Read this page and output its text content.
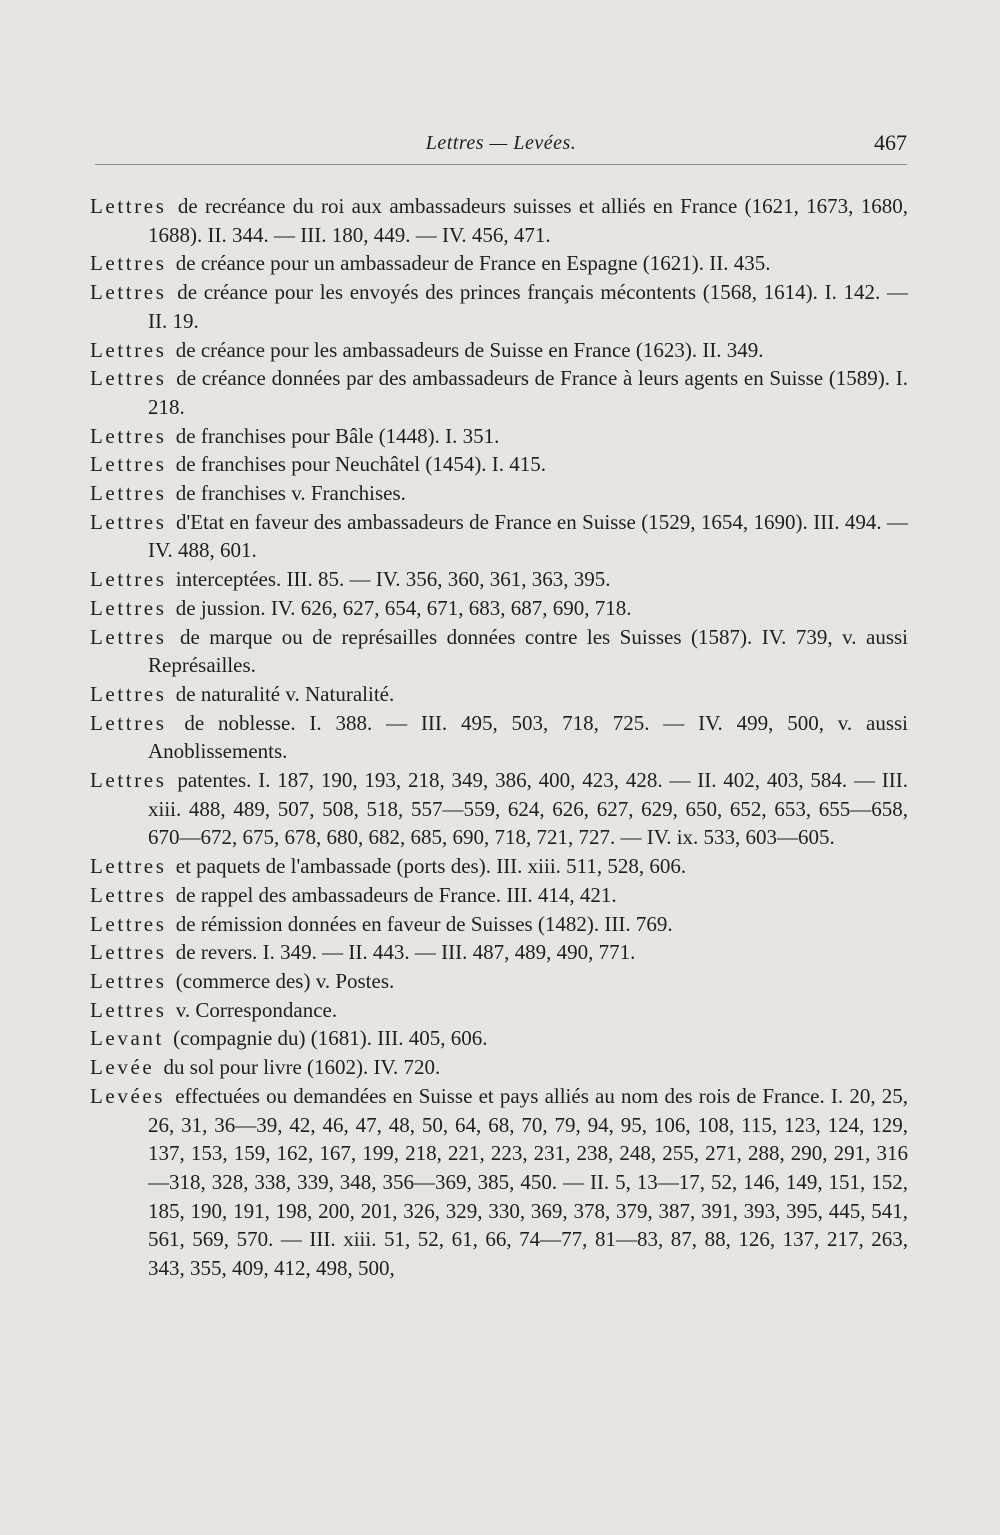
Lettres — Levées.	467

Lettres de recréance du roi aux ambassadeurs suisses et alliés en France (1621, 1673, 1680, 1688). II. 344. — III. 180, 449. — IV. 456, 471.

Lettres de créance pour un ambassadeur de France en Espagne (1621). II. 435.

Lettres de créance pour les envoyés des princes français mécontents (1568, 1614). I. 142. — II. 19.

Lettres de créance pour les ambassadeurs de Suisse en France (1623). II. 349.

Lettres de créance données par des ambassadeurs de France à leurs agents en Suisse (1589). I. 218.

Lettres de franchises pour Bâle (1448). I. 351.

Lettres de franchises pour Neuchâtel (1454). I. 415.

Lettres de franchises v. Franchises.

Lettres d'Etat en faveur des ambassadeurs de France en Suisse (1529, 1654, 1690). III. 494. — IV. 488, 601.

Lettres interceptées. III. 85. — IV. 356, 360, 361, 363, 395.

Lettres de jussion. IV. 626, 627, 654, 671, 683, 687, 690, 718.

Lettres de marque ou de représailles données contre les Suisses (1587). IV. 739, v. aussi Représailles.

Lettres de naturalité v. Naturalité.

Lettres de noblesse. I. 388. — III. 495, 503, 718, 725. — IV. 499, 500, v. aussi Anoblissements.

Lettres patentes. I. 187, 190, 193, 218, 349, 386, 400, 423, 428. — II. 402, 403, 584. — III. xiii. 488, 489, 507, 508, 518, 557—559, 624, 626, 627, 629, 650, 652, 653, 655—658, 670—672, 675, 678, 680, 682, 685, 690, 718, 721, 727. — IV. ix. 533, 603—605.

Lettres et paquets de l'ambassade (ports des). III. xiii. 511, 528, 606.

Lettres de rappel des ambassadeurs de France. III. 414, 421.

Lettres de rémission données en faveur de Suisses (1482). III. 769.

Lettres de revers. I. 349. — II. 443. — III. 487, 489, 490, 771.

Lettres (commerce des) v. Postes.

Lettres v. Correspondance.

Levant (compagnie du) (1681). III. 405, 606.

Levée du sol pour livre (1602). IV. 720.

Levées effectuées ou demandées en Suisse et pays alliés au nom des rois de France. I. 20, 25, 26, 31, 36—39, 42, 46, 47, 48, 50, 64, 68, 70, 79, 94, 95, 106, 108, 115, 123, 124, 129, 137, 153, 159, 162, 167, 199, 218, 221, 223, 231, 238, 248, 255, 271, 288, 290, 291, 316—318, 328, 338, 339, 348, 356—369, 385, 450. — II. 5, 13—17, 52, 146, 149, 151, 152, 185, 190, 191, 198, 200, 201, 326, 329, 330, 369, 378, 379, 387, 391, 393, 395, 445, 541, 561, 569, 570. — III. xiii. 51, 52, 61, 66, 74—77, 81—83, 87, 88, 126, 137, 217, 263, 343, 355, 409, 412, 498, 500,
